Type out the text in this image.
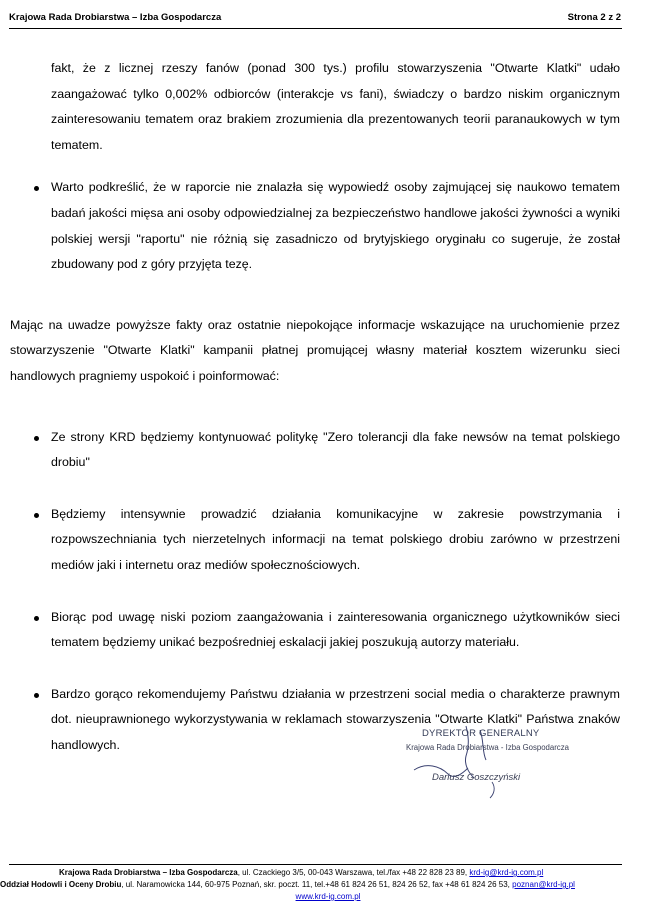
Krajowa Rada Drobiarstwa – Izba Gospodarcza	Strona 2 z 2

fakt, że z licznej rzeszy fanów (ponad 300 tys.) profilu stowarzyszenia "Otwarte Klatki" udało zaangażować tylko 0,002% odbiorców (interakcje vs fani), świadczy o bardzo niskim organicznym zainteresowaniu tematem oraz brakiem zrozumienia dla prezentowanych teorii paranaukowych w tym tematem.

Warto podkreślić, że w raporcie nie znalazła się wypowiedź osoby zajmującej się naukowo tematem badań jakości mięsa ani osoby odpowiedzialnej za bezpieczeństwo handlowe jakości żywności a wyniki polskiej wersji "raportu" nie różnią się zasadniczo od brytyjskiego oryginału co sugeruje, że został zbudowany pod z góry przyjęta tezę.

Mając na uwadze powyższe fakty oraz ostatnie niepokojące informacje wskazujące na uruchomienie przez stowarzyszenie "Otwarte Klatki" kampanii płatnej promującej własny materiał kosztem wizerunku sieci handlowych pragniemy uspokoić i poinformować:

Ze strony KRD będziemy kontynuować politykę "Zero tolerancji dla fake newsów na temat polskiego drobiu"
Będziemy intensywnie prowadzić działania komunikacyjne w zakresie powstrzymania i rozpowszechniania tych nierzetelnych informacji na temat polskiego drobiu zarówno w przestrzeni mediów jaki i internetu oraz mediów społecznościowych.
Biorąc pod uwagę niski poziom zaangażowania i zainteresowania organicznego użytkowników sieci tematem będziemy unikać bezpośredniej eskalacji jakiej poszukują autorzy materiału.
Bardzo gorąco rekomendujemy Państwu działania w przestrzeni social media o charakterze prawnym dot. nieuprawnionego wykorzystywania w reklamach stowarzyszenia "Otwarte Klatki" Państwa znaków handlowych.
DYREKTOR GENERALNY
Krajowa Rada Drobiarstwa - Izba Gospodarcza
Dariusz Goszczyński
Krajowa Rada Drobiarstwa – Izba Gospodarcza, ul. Czackiego 3/5, 00-043 Warszawa, tel./fax +48 22 828 23 89, krd-ig@krd-ig.com.pl
Oddział Hodowli i Oceny Drobiu, ul. Naramowicka 144, 60-975 Poznań, skr. poczt. 11, tel.+48 61 824 26 51, 824 26 52, fax +48 61 824 26 53, poznan@krd-ig.pl
www.krd-ig.com.pl
